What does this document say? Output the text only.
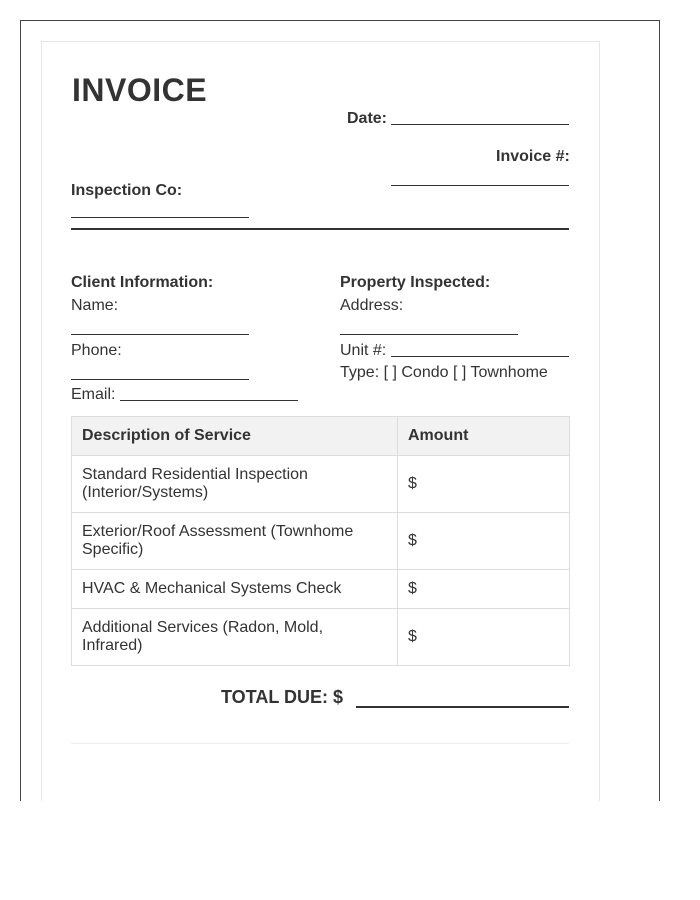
INVOICE
Date:
Invoice #:
Inspection Co:
Client Information:
Name:
Phone:
Email:
Property Inspected:
Address:
Unit #:
Type: [ ] Condo [ ] Townhome
Description of Service	Amount
Standard Residential Inspection (Interior/Systems)	$
Exterior/Roof Assessment (Townhome Specific)	$
HVAC & Mechanical Systems Check	$
Additional Services (Radon, Mold, Infrared)	$
TOTAL DUE: $
